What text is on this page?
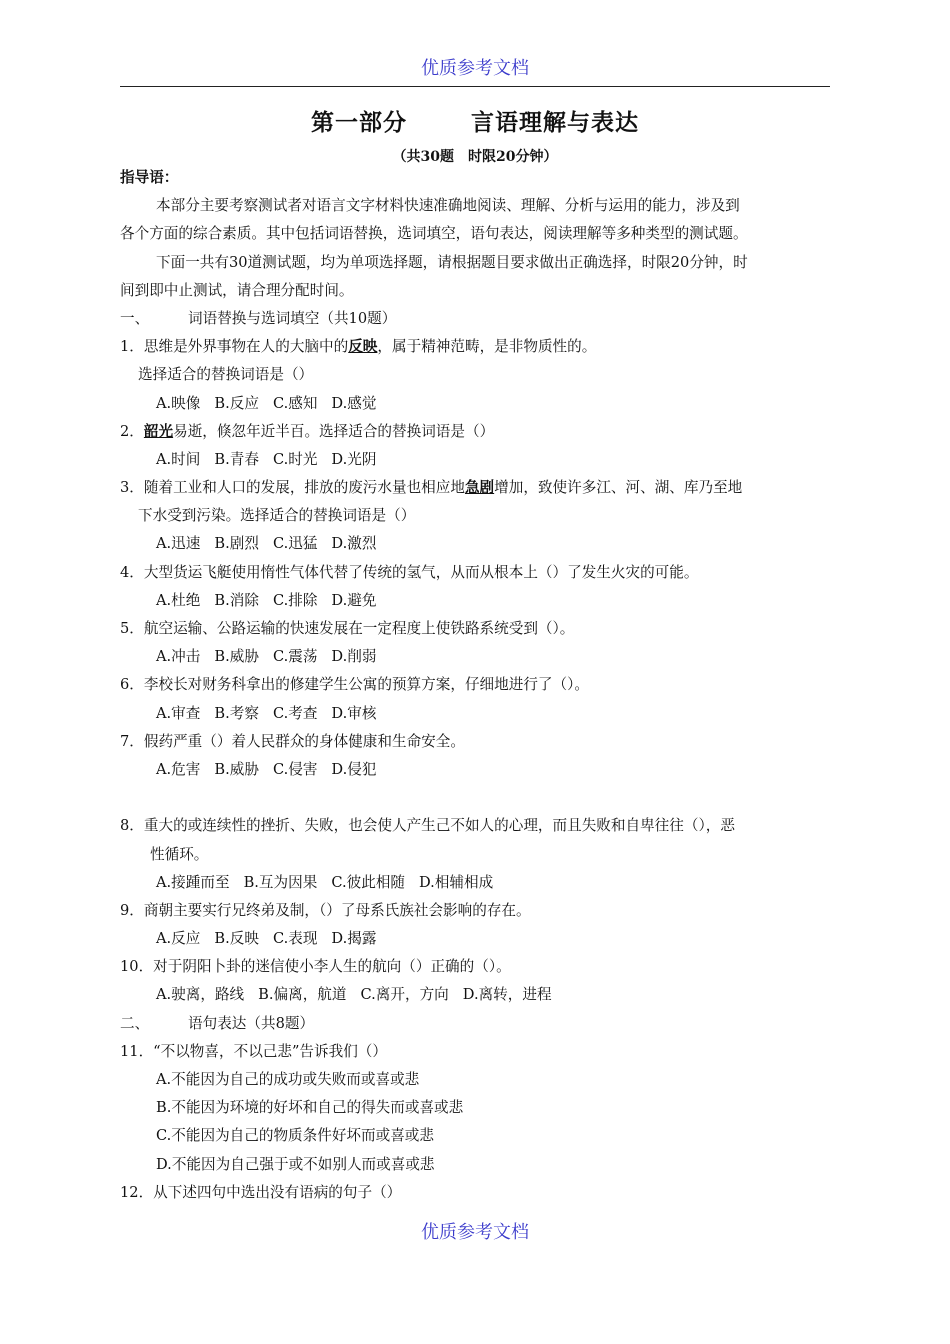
优质参考文档
第一部分	言语理解与表达
（共30题　时限20分钟）
指导语：
本部分主要考察测试者对语言文字材料快速准确地阅读、理解、分析与运用的能力，涉及到
各个方面的综合素质。其中包括词语替换，选词填空，语句表达，阅读理解等多种类型的测试题。
下面一共有30道测试题，均为单项选择题，请根据题目要求做出正确选择，时限20分钟，时
间到即中止测试，请合理分配时间。
一、	词语替换与选词填空（共10题）
1．思维是外界事物在人的大脑中的反映，属于精神范畴，是非物质性的。
选择适合的替换词语是（）
A.映像 B.反应 C.感知 D.感觉
2．韶光易逝，倏忽年近半百。选择适合的替换词语是（）
A.时间 B.青春 C.时光 D.光阴
3．随着工业和人口的发展，排放的废污水量也相应地急剧增加，致使许多江、河、湖、库乃至地
下水受到污染。选择适合的替换词语是（）
A.迅速 B.剧烈 C.迅猛 D.激烈
4．大型货运飞艇使用惰性气体代替了传统的氢气，从而从根本上（）了发生火灾的可能。
A.杜绝 B.消除 C.排除 D.避免
5．航空运输、公路运输的快速发展在一定程度上使铁路系统受到（）。
A.冲击 B.威胁 C.震荡 D.削弱
6．李校长对财务科拿出的修建学生公寓的预算方案，仔细地进行了（）。
A.审查 B.考察 C.考查 D.审核
7．假药严重（）着人民群众的身体健康和生命安全。
A.危害 B.威胁 C.侵害 D.侵犯
8．重大的或连续性的挫折、失败，也会使人产生己不如人的心理，而且失败和自卑往往（），恶
性循环。
A.接踵而至 B.互为因果 C.彼此相随 D.相辅相成
9．商朝主要实行兄终弟及制，（）了母系氏族社会影响的存在。
A.反应 B.反映 C.表现 D.揭露
10．对于阴阳卜卦的迷信使小李人生的航向（）正确的（）。
A.驶离，路线 B.偏离，航道 C.离开，方向 D.离转，进程
二、	语句表达（共8题）
11．“不以物喜，不以己悲”告诉我们（）
A.不能因为自己的成功或失败而或喜或悲
B.不能因为环境的好坏和自己的得失而或喜或悲
C.不能因为自己的物质条件好坏而或喜或悲
D.不能因为自己强于或不如别人而或喜或悲
12．从下述四句中选出没有语病的句子（）
优质参考文档
